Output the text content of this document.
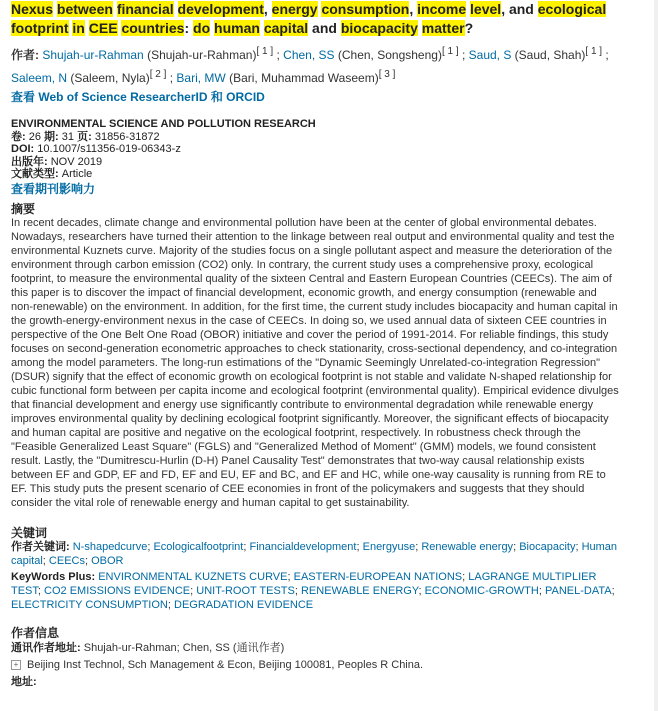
Nexus between financial development, energy consumption, income level, and ecological footprint in CEE countries: do human capital and biocapacity matter?
作者: Shujah-ur-Rahman (Shujah-ur-Rahman)[ 1 ] ; Chen, SS (Chen, Songsheng)[ 1 ] ; Saud, S (Saud, Shah)[ 1 ] ; Saleem, N (Saleem, Nyla)[ 2 ] ; Bari, MW (Bari, Muhammad Waseem)[ 3 ]
查看 Web of Science ResearcherID 和 ORCID
ENVIRONMENTAL SCIENCE AND POLLUTION RESEARCH
卷: 26 期: 31 页: 31856-31872
DOI: 10.1007/s11356-019-06343-z
出版年: NOV 2019
文献类型: Article
查看期刊影响力
摘要
In recent decades, climate change and environmental pollution have been at the center of global environmental debates. Nowadays, researchers have turned their attention to the linkage between real output and environmental quality and test the environmental Kuznets curve. Majority of the studies focus on a single pollutant aspect and measure the deterioration of the environment through carbon emission (CO2) only. In contrary, the current study uses a comprehensive proxy, ecological footprint, to measure the environmental quality of the sixteen Central and Eastern European Countries (CEECs). The aim of this paper is to discover the impact of financial development, economic growth, and energy consumption (renewable and non-renewable) on the environment. In addition, for the first time, the current study includes biocapacity and human capital in the growth-energy-environment nexus in the case of CEECs. In doing so, we used annual data of sixteen CEE countries in perspective of the One Belt One Road (OBOR) initiative and cover the period of 1991-2014. For reliable findings, this study focuses on second-generation econometric approaches to check stationarity, cross-sectional dependency, and co-integration among the model parameters. The long-run estimations of the "Dynamic Seemingly Unrelated-co-integration Regression" (DSUR) signify that the effect of economic growth on ecological footprint is not stable and validate N-shaped relationship for cubic functional form between per capita income and ecological footprint (environmental quality). Empirical evidence divulges that financial development and energy use significantly contribute to environmental degradation while renewable energy improves environmental quality by declining ecological footprint significantly. Moreover, the significant effects of biocapacity and human capital are positive and negative on the ecological footprint, respectively. In robustness check through the "Feasible Generalized Least Square" (FGLS) and "Generalized Method of Moment" (GMM) models, we found consistent result. Lastly, the "Dumitrescu-Hurlin (D-H) Panel Causality Test" demonstrates that two-way causal relationship exists between EF and GDP, EF and FD, EF and EU, EF and BC, and EF and HC, while one-way causality is running from RE to EF. This study puts the present scenario of CEE economies in front of the policymakers and suggests that they should consider the vital role of renewable energy and human capital to get sustainability.
关键词
作者关键词: N-shapedcurve; Ecologicalfootprint; Financialdevelopment; Energyuse; Renewable energy; Biocapacity; Human capital; CEECs; OBOR
KeyWords Plus: ENVIRONMENTAL KUZNETS CURVE; EASTERN-EUROPEAN NATIONS; LAGRANGE MULTIPLIER TEST; CO2 EMISSIONS EVIDENCE; UNIT-ROOT TESTS; RENEWABLE ENERGY; ECONOMIC-GROWTH; PANEL-DATA; ELECTRICITY CONSUMPTION; DEGRADATION EVIDENCE
作者信息
通讯作者地址: Shujah-ur-Rahman; Chen, SS (通讯作者)
+ Beijing Inst Technol, Sch Management & Econ, Beijing 100081, Peoples R China.
地址:
